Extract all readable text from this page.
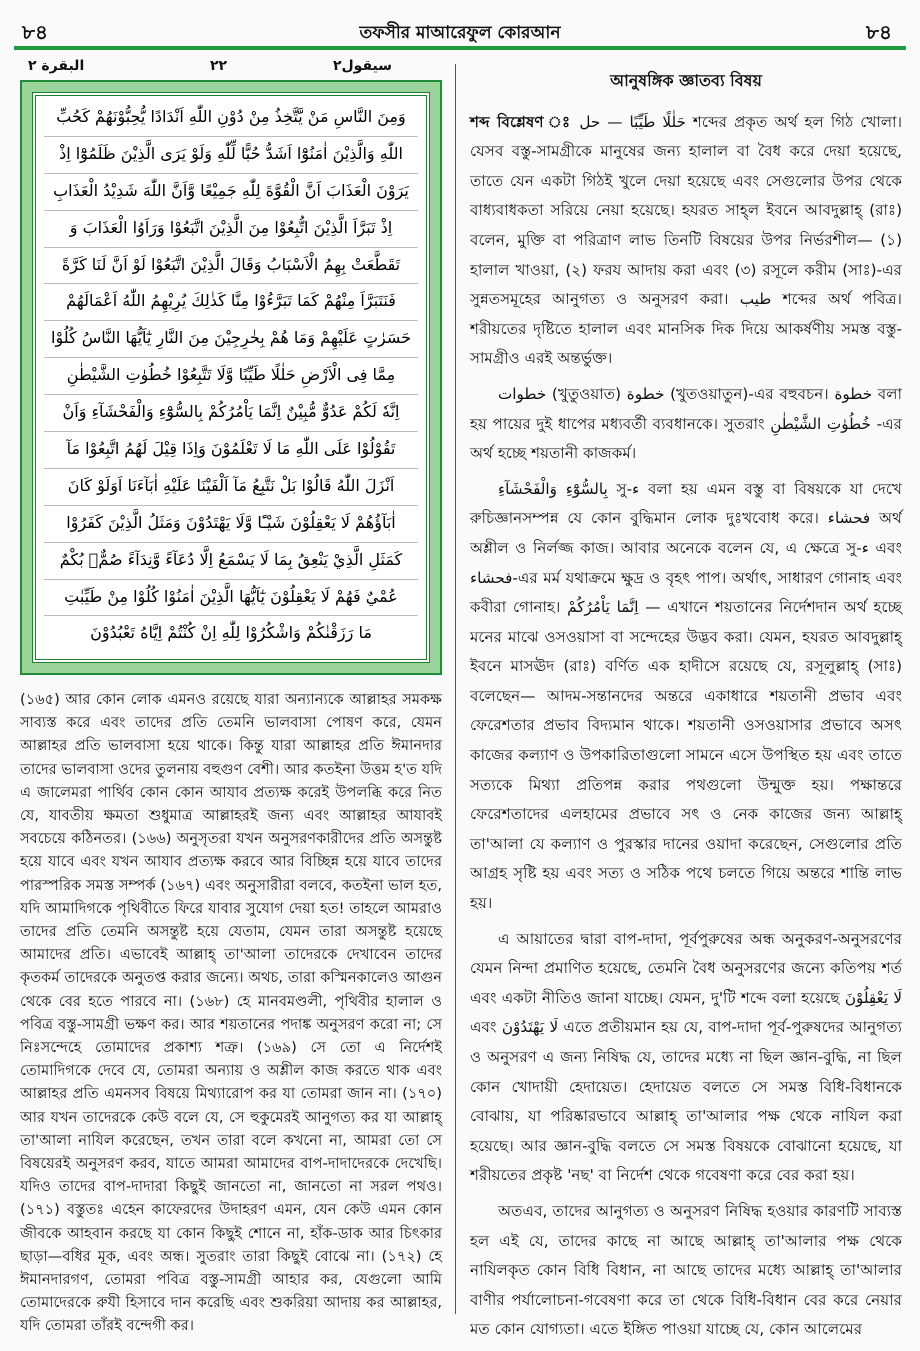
৮৪	তফসীর মাআরেফুল কোরআন	৮৪
البقرة ٢	٢٢	سيقول٢
وَمِنَ النَّاسِ مَنْ يَّتَّخِذُ مِنْ دُوْنِ اللّٰهِ اَنْدَادًا يُّحِبُّوْنَهُمْ كَحُبِّ
اللّٰهِ وَالَّذِيْنَ اٰمَنُوْٓا اَشَدُّ حُبًّا لِّلّٰهِ وَلَوْ يَرَى الَّذِيْنَ ظَلَمُوْٓا اِذْ
يَرَوْنَ الْعَذَابَ اَنَّ الْقُوَّةَ لِلّٰهِ جَمِيْعًا وَّاَنَّ اللّٰهَ شَدِيْدُ الْعَذَابِ
اِذْ تَبَرَّاَ الَّذِيْنَ اتُّبِعُوْا مِنَ الَّذِيْنَ اتَّبَعُوْا وَرَاَوُا الْعَذَابَ وَ
تَقَطَّعَتْ بِهِمُ الْاَسْبَابُ وَقَالَ الَّذِيْنَ اتَّبَعُوْا لَوْ اَنَّ لَنَا كَرَّةً
فَنَتَبَرَّاَ مِنْهُمْ كَمَا تَبَرَّءُوْا مِنَّا كَذٰلِكَ يُرِيْهِمُ اللّٰهُ اَعْمَالَهُمْ
حَسَرٰتٍ عَلَيْهِمْ وَمَا هُمْ بِخٰرِجِيْنَ مِنَ النَّارِ يٰٓاَيُّهَا النَّاسُ كُلُوْا
مِمَّا فِى الْاَرْضِ حَلٰلًا طَيِّبًا وَّلَا تَتَّبِعُوْا خُطُوٰتِ الشَّيْطٰنِ
اِنَّهٗ لَكُمْ عَدُوٌّ مُّبِيْنٌ اِنَّمَا يَاْمُرُكُمْ بِالسُّوْٓءِ وَالْفَحْشَآءِ وَاَنْ
تَقُوْلُوْا عَلَى اللّٰهِ مَا لَا تَعْلَمُوْنَ وَاِذَا قِيْلَ لَهُمُ اتَّبِعُوْا مَآ
اَنْزَلَ اللّٰهُ قَالُوْا بَلْ نَتَّبِعُ مَآ اَلْفَيْنَا عَلَيْهِ اٰبَآءَنَا اَوَلَوْ كَانَ
اٰبَآؤُهُمْ لَا يَعْقِلُوْنَ شَيْـًٔا وَّلَا يَهْتَدُوْنَ وَمَثَلُ الَّذِيْنَ كَفَرُوْا
كَمَثَلِ الَّذِيْ يَنْعِقُ بِمَا لَا يَسْمَعُ اِلَّا دُعَآءً وَّنِدَآءً صُمٌّۢ بُكْمٌ
عُمْيٌ فَهُمْ لَا يَعْقِلُوْنَ يٰٓاَيُّهَا الَّذِيْنَ اٰمَنُوْا كُلُوْا مِنْ طَيِّبٰتِ
مَا رَزَقْنٰكُمْ وَاشْكُرُوْا لِلّٰهِ اِنْ كُنْتُمْ اِيَّاهُ تَعْبُدُوْنَ

(১৬৫) আর কোন লোক এমনও রয়েছে যারা অন্যান্যকে আল্লাহর সমকক্ষ সাব্যস্ত করে এবং তাদের প্রতি তেমনি ভালবাসা পোষণ করে, যেমন আল্লাহর প্রতি ভালবাসা হয়ে থাকে। কিন্তু যারা আল্লাহর প্রতি ঈমানদার তাদের ভালবাসা ওদের তুলনায় বহুগুণ বেশী। আর কতইনা উত্তম হ'ত যদি এ জালেমরা পার্থিব কোন কোন আযাব প্রত্যক্ষ করেই উপলব্ধি করে নিত যে, যাবতীয় ক্ষমতা শুধুমাত্র আল্লাহরই জন্য এবং আল্লাহর আযাবই সবচেয়ে কঠিনতর। (১৬৬) অনুসৃতরা যখন অনুসরণকারীদের প্রতি অসন্তুষ্ট হয়ে যাবে এবং যখন আযাব প্রত্যক্ষ করবে আর বিচ্ছিন্ন হয়ে যাবে তাদের পারস্পরিক সমস্ত সম্পর্ক (১৬৭) এবং অনুসারীরা বলবে, কতইনা ভাল হত, যদি আমাদিগকে পৃথিবীতে ফিরে যাবার সুযোগ দেয়া হত! তাহলে আমরাও তাদের প্রতি তেমনি অসন্তুষ্ট হয়ে যেতাম, যেমন তারা অসন্তুষ্ট হয়েছে আমাদের প্রতি। এভাবেই আল্লাহ্ তা'আলা তাদেরকে দেখাবেন তাদের কৃতকর্ম তাদেরকে অনুতপ্ত করার জন্যে। অথচ, তারা কস্মিনকালেও আগুন থেকে বের হতে পারবে না। (১৬৮) হে মানবমণ্ডলী, পৃথিবীর হালাল ও পবিত্র বস্তু-সামগ্রী ভক্ষণ কর। আর শয়তানের পদাঙ্ক অনুসরণ করো না; সে নিঃসন্দেহে তোমাদের প্রকাশ্য শত্রু। (১৬৯) সে তো এ নির্দেশই তোমাদিগকে দেবে যে, তোমরা অন্যায় ও অশ্লীল কাজ করতে থাক এবং আল্লাহর প্রতি এমনসব বিষয়ে মিথ্যারোপ কর যা তোমরা জান না। (১৭০) আর যখন তাদেরকে কেউ বলে যে, সে হুকুমেরই আনুগত্য কর যা আল্লাহ্ তা'আলা নাযিল করেছেন, তখন তারা বলে কখনো না, আমরা তো সে বিষয়েরই অনুসরণ করব, যাতে আমরা আমাদের বাপ-দাদাদেরকে দেখেছি। যদিও তাদের বাপ-দাদারা কিছুই জানতো না, জানতো না সরল পথও। (১৭১) বস্তুতঃ এহেন কাফেরদের উদাহরণ এমন, যেন কেউ এমন কোন জীবকে আহবান করছে যা কোন কিছুই শোনে না, হাঁক-ডাক আর চিৎকার ছাড়া—বধির মূক, এবং অন্ধ। সুতরাং তারা কিছুই বোঝে না। (১৭২) হে ঈমানদারগণ, তোমরা পবিত্র বস্তু-সামগ্রী আহার কর, যেগুলো আমি তোমাদেরকে রুযী হিসাবে দান করেছি এবং শুকরিয়া আদায় কর আল্লাহর, যদি তোমরা তাঁরই বন্দেগী কর।

আনুষঙ্গিক জ্ঞাতব্য বিষয়

শব্দ বিশ্লেষণ ঃ	حَلٰلًا طَيِّبًا — حل শব্দের প্রকৃত অর্থ হল গিঠ খোলা। যেসব বস্তু-সামগ্রীকে মানুষের জন্য হালাল বা বৈধ করে দেয়া হয়েছে, তাতে যেন একটা গিঠই খুলে দেয়া হয়েছে এবং সেগুলোর উপর থেকে বাধ্যবাধকতা সরিয়ে নেয়া হয়েছে। হযরত সাহ্‌ল ইবনে আবদুল্লাহ্ (রাঃ) বলেন, মুক্তি বা পরিত্রাণ লাভ তিনটি বিষয়ের উপর নির্ভরশীল— (১) হালাল খাওয়া, (২) ফরয আদায় করা এবং (৩) রসূলে করীম (সাঃ)-এর সুন্নতসমূহের আনুগত্য ও অনুসরণ করা। طيب শব্দের অর্থ পবিত্র। শরীয়তের দৃষ্টিতে হালাল এবং মানসিক দিক দিয়ে আকর্ষণীয় সমস্ত বস্তু-সামগ্রীও এরই অন্তর্ভুক্ত।

خطوات (খুতুওয়াত) خطوة (খুতওয়াতুন)-এর বহুবচন। خطوة বলা হয় পায়ের দুই ধাপের মধ্যবর্তী ব্যবধানকে। সুতরাং خُطُوٰتِ الشَّيْطٰنِ -এর অর্থ হচ্ছে শয়তানী কাজকর্ম।

بِالسُّوْٓءِ وَالْفَحْشَآءِ সু-ء বলা হয় এমন বস্তু বা বিষয়কে যা দেখে রুচিজ্ঞানসম্পন্ন যে কোন বুদ্ধিমান লোক দুঃখবোধ করে। فحشاء অর্থ অশ্লীল ও নির্লজ্জ কাজ। আবার অনেকে বলেন যে, এ ক্ষেত্রে সু-ء এবং فحشاء-এর মর্ম যথাক্রমে ক্ষুদ্র ও বৃহৎ পাপ। অর্থাৎ, সাধারণ গোনাহ এবং কবীরা গোনাহ। اِنَّمَا يَاْمُرُكُمْ — এখানে শয়তানের নির্দেশদান অর্থ হচ্ছে মনের মাঝে ওসওয়াসা বা সন্দেহের উদ্ভব করা। যেমন, হযরত আবদুল্লাহ্ ইবনে মাসঊদ (রাঃ) বর্ণিত এক হাদীসে রয়েছে যে, রসূলুল্লাহ্ (সাঃ) বলেছেন— আদম-সন্তানদের অন্তরে একাধারে শয়তানী প্রভাব এবং ফেরেশতার প্রভাব বিদ্যমান থাকে। শয়তানী ওসওয়াসার প্রভাবে অসৎ কাজের কল্যাণ ও উপকারিতাগুলো সামনে এসে উপস্থিত হয় এবং তাতে সত্যকে মিথ্যা প্রতিপন্ন করার পথগুলো উন্মুক্ত হয়। পক্ষান্তরে ফেরেশতাদের এলহামের প্রভাবে সৎ ও নেক কাজের জন্য আল্লাহ্ তা'আলা যে কল্যাণ ও পুরস্কার দানের ওয়াদা করেছেন, সেগুলোর প্রতি আগ্রহ সৃষ্টি হয় এবং সত্য ও সঠিক পথে চলতে গিয়ে অন্তরে শান্তি লাভ হয়।

এ আয়াতের দ্বারা বাপ-দাদা, পূর্বপুরুষের অন্ধ অনুকরণ-অনুসরণের যেমন নিন্দা প্রমাণিত হয়েছে, তেমনি বৈধ অনুসরণের জন্যে কতিপয় শর্ত এবং একটা নীতিও জানা যাচ্ছে। যেমন, দু'টি শব্দে বলা হয়েছে لَا يَعْقِلُوْنَ এবং لَا يَهْتَدُوْنَ এতে প্রতীয়মান হয় যে, বাপ-দাদা পূর্ব-পুরুষদের আনুগত্য ও অনুসরণ এ জন্য নিষিদ্ধ যে, তাদের মধ্যে না ছিল জ্ঞান-বুদ্ধি, না ছিল কোন খোদায়ী হেদায়েত। হেদায়েত বলতে সে সমস্ত বিধি-বিধানকে বোঝায়, যা পরিষ্কারভাবে আল্লাহ্ তা'আলার পক্ষ থেকে নাযিল করা হয়েছে। আর জ্ঞান-বুদ্ধি বলতে সে সমস্ত বিষয়কে বোঝানো হয়েছে, যা শরীয়তের প্রকৃষ্ট 'নছ' বা নির্দেশ থেকে গবেষণা করে বের করা হয়।

অতএব, তাদের আনুগত্য ও অনুসরণ নিষিদ্ধ হওয়ার কারণটি সাব্যস্ত হল এই যে, তাদের কাছে না আছে আল্লাহ্ তা'আলার পক্ষ থেকে নাযিলকৃত কোন বিধি বিধান, না আছে তাদের মধ্যে আল্লাহ্ তা'আলার বাণীর পর্যালোচনা-গবেষণা করে তা থেকে বিধি-বিধান বের করে নেয়ার মত কোন যোগ্যতা। এতে ইঙ্গিত পাওয়া যাচ্ছে যে, কোন আলেমের
